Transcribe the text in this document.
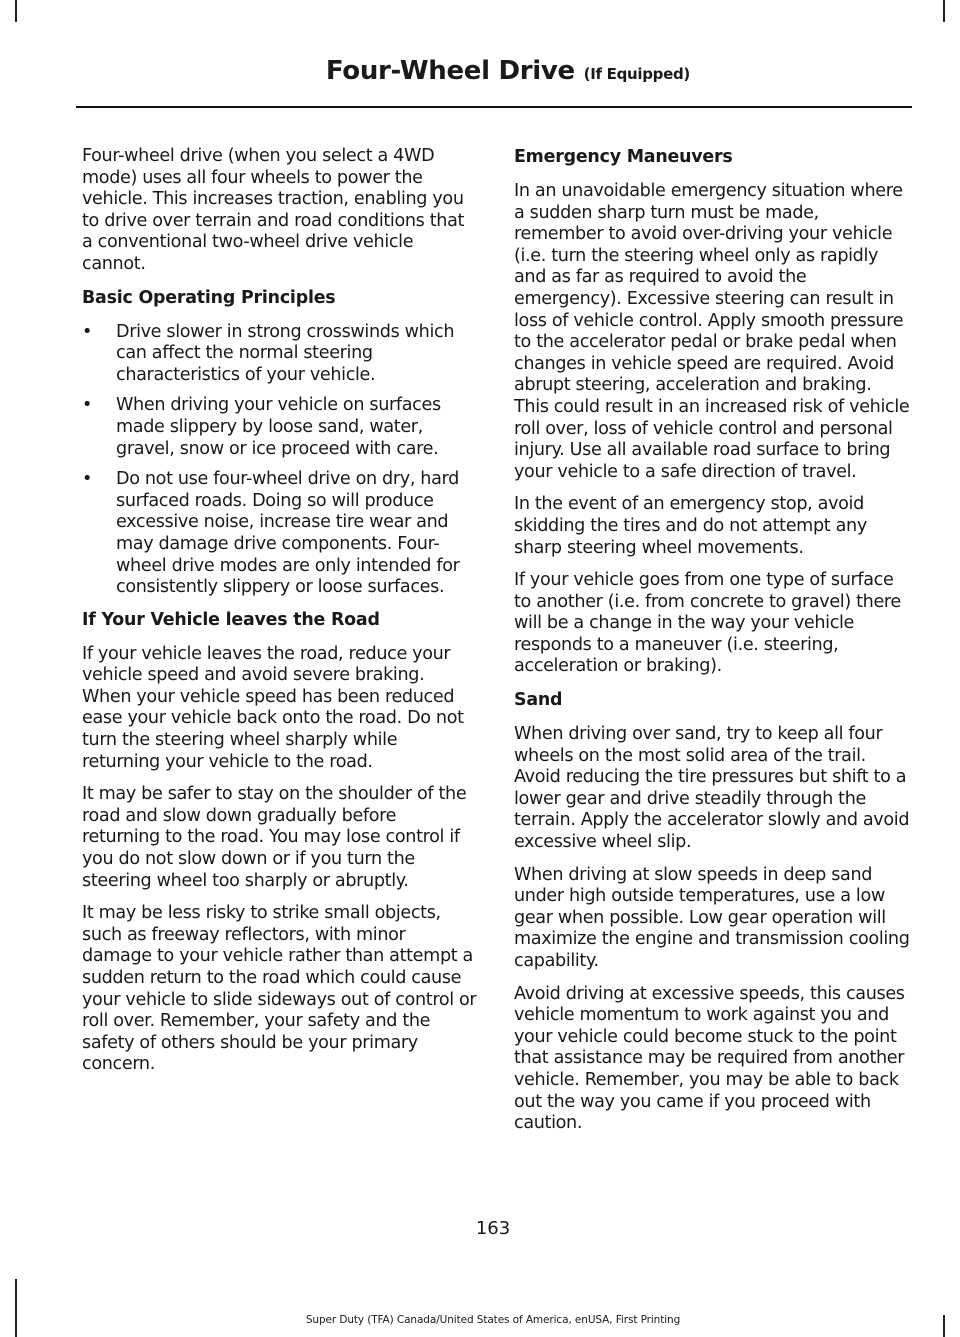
Four-Wheel Drive (If Equipped)

Four-wheel drive (when you select a 4WD mode) uses all four wheels to power the vehicle. This increases traction, enabling you to drive over terrain and road conditions that a conventional two-wheel drive vehicle cannot.

Basic Operating Principles
• Drive slower in strong crosswinds which can affect the normal steering characteristics of your vehicle.
• When driving your vehicle on surfaces made slippery by loose sand, water, gravel, snow or ice proceed with care.
• Do not use four-wheel drive on dry, hard surfaced roads. Doing so will produce excessive noise, increase tire wear and may damage drive components. Four-wheel drive modes are only intended for consistently slippery or loose surfaces.
If Your Vehicle leaves the Road

If your vehicle leaves the road, reduce your vehicle speed and avoid severe braking. When your vehicle speed has been reduced ease your vehicle back onto the road. Do not turn the steering wheel sharply while returning your vehicle to the road.

It may be safer to stay on the shoulder of the road and slow down gradually before returning to the road. You may lose control if you do not slow down or if you turn the steering wheel too sharply or abruptly.

It may be less risky to strike small objects, such as freeway reflectors, with minor damage to your vehicle rather than attempt a sudden return to the road which could cause your vehicle to slide sideways out of control or roll over. Remember, your safety and the safety of others should be your primary concern.

Emergency Maneuvers

In an unavoidable emergency situation where a sudden sharp turn must be made, remember to avoid over-driving your vehicle (i.e. turn the steering wheel only as rapidly and as far as required to avoid the emergency). Excessive steering can result in loss of vehicle control. Apply smooth pressure to the accelerator pedal or brake pedal when changes in vehicle speed are required. Avoid abrupt steering, acceleration and braking. This could result in an increased risk of vehicle roll over, loss of vehicle control and personal injury. Use all available road surface to bring your vehicle to a safe direction of travel.

In the event of an emergency stop, avoid skidding the tires and do not attempt any sharp steering wheel movements.

If your vehicle goes from one type of surface to another (i.e. from concrete to gravel) there will be a change in the way your vehicle responds to a maneuver (i.e. steering, acceleration or braking).

Sand

When driving over sand, try to keep all four wheels on the most solid area of the trail. Avoid reducing the tire pressures but shift to a lower gear and drive steadily through the terrain. Apply the accelerator slowly and avoid excessive wheel slip.

When driving at slow speeds in deep sand under high outside temperatures, use a low gear when possible. Low gear operation will maximize the engine and transmission cooling capability.

Avoid driving at excessive speeds, this causes vehicle momentum to work against you and your vehicle could become stuck to the point that assistance may be required from another vehicle. Remember, you may be able to back out the way you came if you proceed with caution.

163
Super Duty (TFA) Canada/United States of America, enUSA, First Printing
